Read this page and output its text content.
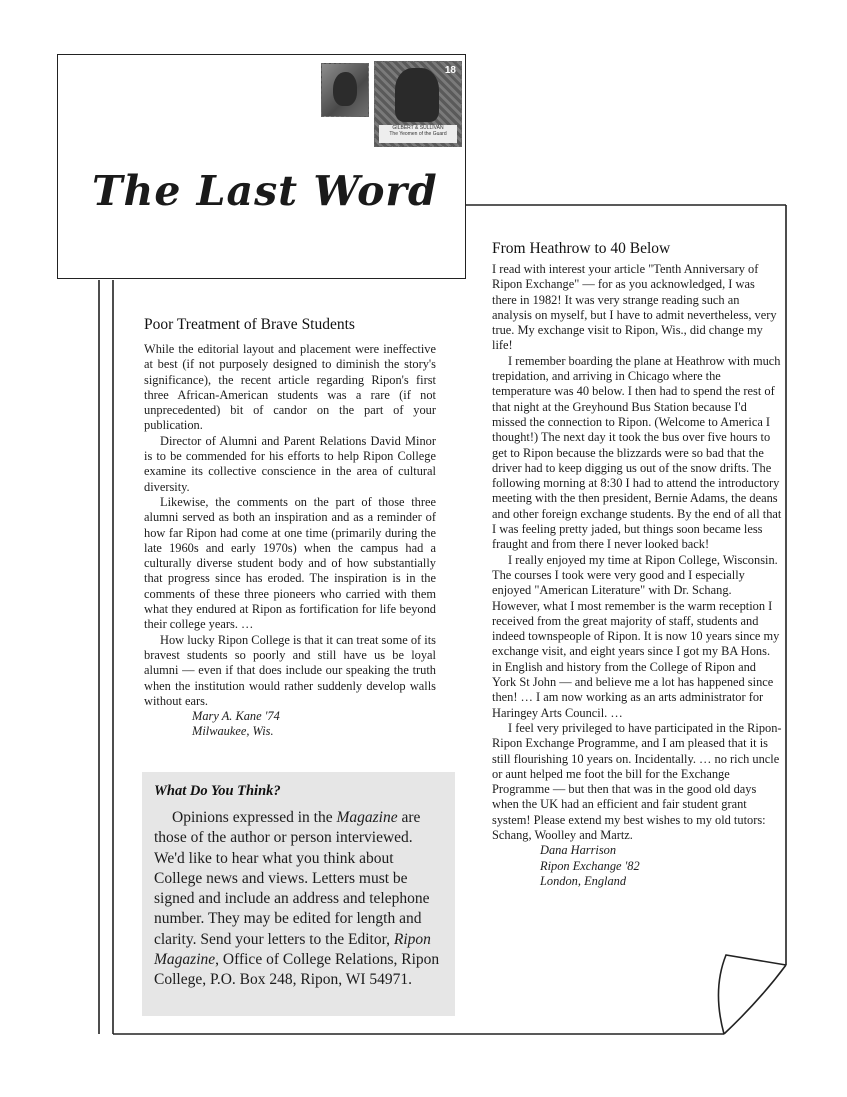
18
GILBERT & SULLIVAN
The Yeomen of the Guard
The Last Word
Poor Treatment of Brave Students

While the editorial layout and placement were ineffective at best (if not purposely designed to diminish the story's significance), the recent article regarding Ripon's first three African-American students was a rare (if not unprecedented) bit of candor on the part of your publication.

Director of Alumni and Parent Relations David Minor is to be commended for his efforts to help Ripon College examine its collective conscience in the area of cultural diversity.

Likewise, the comments on the part of those three alumni served as both an inspiration and as a reminder of how far Ripon had come at one time (primarily during the late 1960s and early 1970s) when the campus had a culturally diverse student body and of how substantially that progress since has eroded. The inspiration is in the comments of these three pioneers who carried with them what they endured at Ripon as fortification for life beyond their college years. …

How lucky Ripon College is that it can treat some of its bravest students so poorly and still have us be loyal alumni — even if that does include our speaking the truth when the institution would rather suddenly develop walls without ears.

Mary A. Kane '74
Milwaukee, Wis.
From Heathrow to 40 Below

I read with interest your article "Tenth Anniversary of Ripon Exchange" — for as you acknowledged, I was there in 1982! It was very strange reading such an analysis on myself, but I have to admit nevertheless, very true. My exchange visit to Ripon, Wis., did change my life!

I remember boarding the plane at Heathrow with much trepidation, and arriving in Chicago where the temperature was 40 below. I then had to spend the rest of that night at the Greyhound Bus Station because I'd missed the connection to Ripon. (Welcome to America I thought!) The next day it took the bus over five hours to get to Ripon because the blizzards were so bad that the driver had to keep digging us out of the snow drifts. The following morning at 8:30 I had to attend the introductory meeting with the then president, Bernie Adams, the deans and other foreign exchange students. By the end of all that I was feeling pretty jaded, but things soon became less fraught and from there I never looked back!

I really enjoyed my time at Ripon College, Wisconsin. The courses I took were very good and I especially enjoyed "American Literature" with Dr. Schang. However, what I most remember is the warm reception I received from the great majority of staff, students and indeed townspeople of Ripon. It is now 10 years since my exchange visit, and eight years since I got my BA Hons. in English and history from the College of Ripon and York St John — and believe me a lot has happened since then! … I am now working as an arts administrator for Haringey Arts Council. …

I feel very privileged to have participated in the Ripon-Ripon Exchange Programme, and I am pleased that it is still flourishing 10 years on. Incidentally. … no rich uncle or aunt helped me foot the bill for the Exchange Programme — but then that was in the good old days when the UK had an efficient and fair student grant system! Please extend my best wishes to my old tutors: Schang, Woolley and Martz.

Dana Harrison
Ripon Exchange '82
London, England
What Do You Think?

Opinions expressed in the Magazine are those of the author or person interviewed. We'd like to hear what you think about College news and views. Letters must be signed and include an address and telephone number. They may be edited for length and clarity. Send your letters to the Editor, Ripon Magazine, Office of College Relations, Ripon College, P.O. Box 248, Ripon, WI 54971.
